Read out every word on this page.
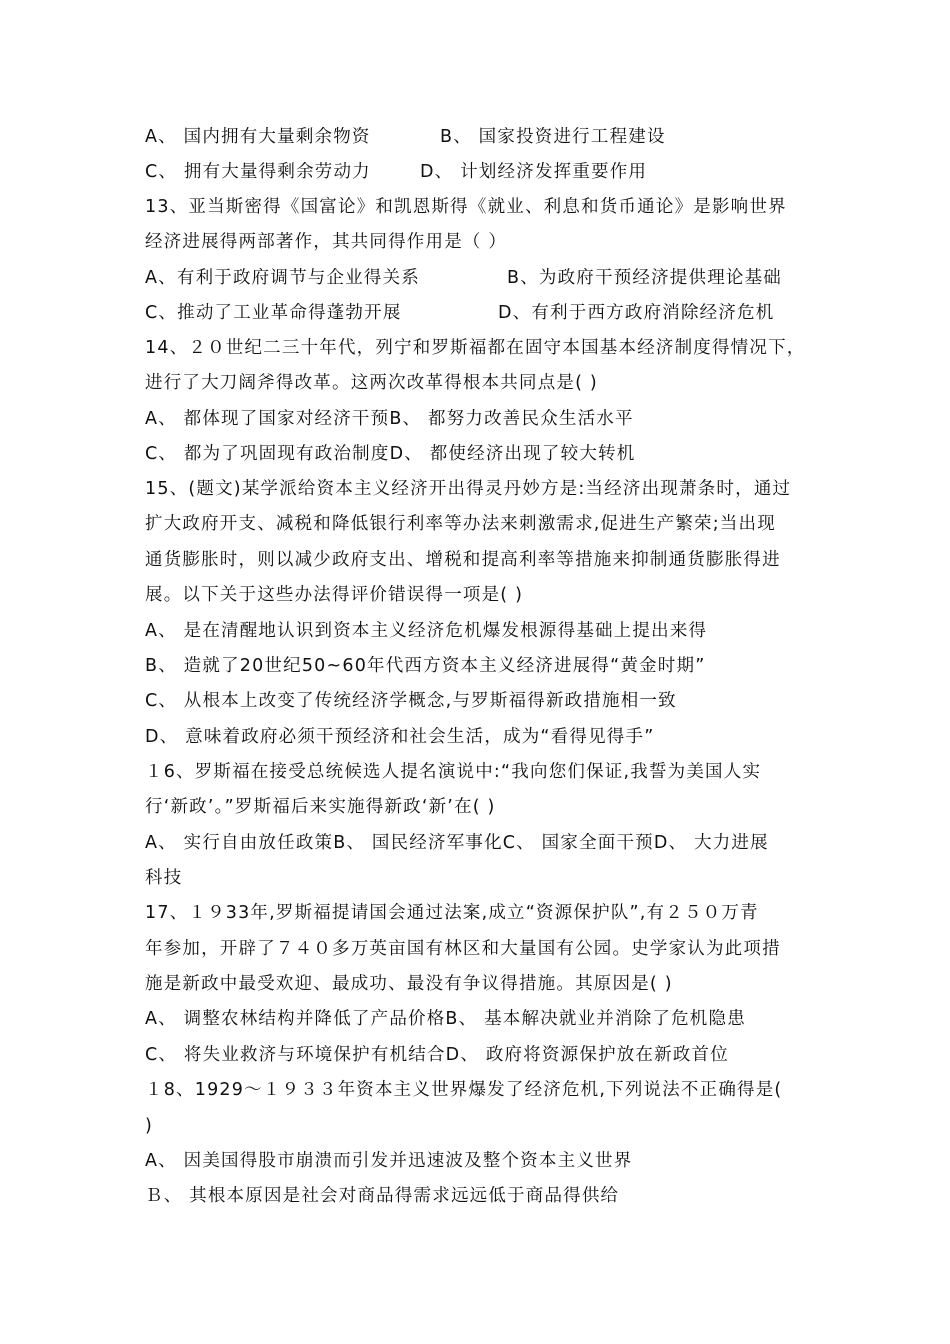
A、 国内拥有大量剩余物资	B、 国家投资进行工程建设
C、 拥有大量得剩余劳动力	D、 计划经济发挥重要作用
13、亚当斯密得《国富论》和凯恩斯得《就业、利息和货币通论》是影响世界
经济进展得两部著作，其共同得作用是（ ）
A、有利于政府调节与企业得关系	B、为政府干预经济提供理论基础
C、推动了工业革命得蓬勃开展	D、有利于西方政府消除经济危机
14、２０世纪二三十年代，列宁和罗斯福都在固守本国基本经济制度得情况下，
进行了大刀阔斧得改革。这两次改革得根本共同点是( )
A、 都体现了国家对经济干预B、 都努力改善民众生活水平
C、 都为了巩固现有政治制度D、 都使经济出现了较大转机
15、(题文)某学派给资本主义经济开出得灵丹妙方是:当经济出现萧条时，通过
扩大政府开支、减税和降低银行利率等办法来刺激需求,促进生产繁荣;当出现
通货膨胀时，则以减少政府支出、增税和提高利率等措施来抑制通货膨胀得进
展。以下关于这些办法得评价错误得一项是( )
A、 是在清醒地认识到资本主义经济危机爆发根源得基础上提出来得
B、 造就了20世纪50~60年代西方资本主义经济进展得“黄金时期”
C、 从根本上改变了传统经济学概念,与罗斯福得新政措施相一致
D、 意味着政府必须干预经济和社会生活，成为“看得见得手”
１6、罗斯福在接受总统候选人提名演说中:“我向您们保证,我誓为美国人实
行‘新政’。”罗斯福后来实施得新政‘新’在( )
A、 实行自由放任政策B、 国民经济军事化C、 国家全面干预D、 大力进展
科技
17、１９33年,罗斯福提请国会通过法案,成立“资源保护队”,有２５０万青
年参加，开辟了７４０多万英亩国有林区和大量国有公园。史学家认为此项措
施是新政中最受欢迎、最成功、最没有争议得措施。其原因是( )
A、 调整农林结构并降低了产品价格B、 基本解决就业并消除了危机隐患
C、 将失业救济与环境保护有机结合D、 政府将资源保护放在新政首位
１8、1929～１９３３年资本主义世界爆发了经济危机,下列说法不正确得是(
)
A、 因美国得股市崩溃而引发并迅速波及整个资本主义世界
Ｂ、 其根本原因是社会对商品得需求远远低于商品得供给
